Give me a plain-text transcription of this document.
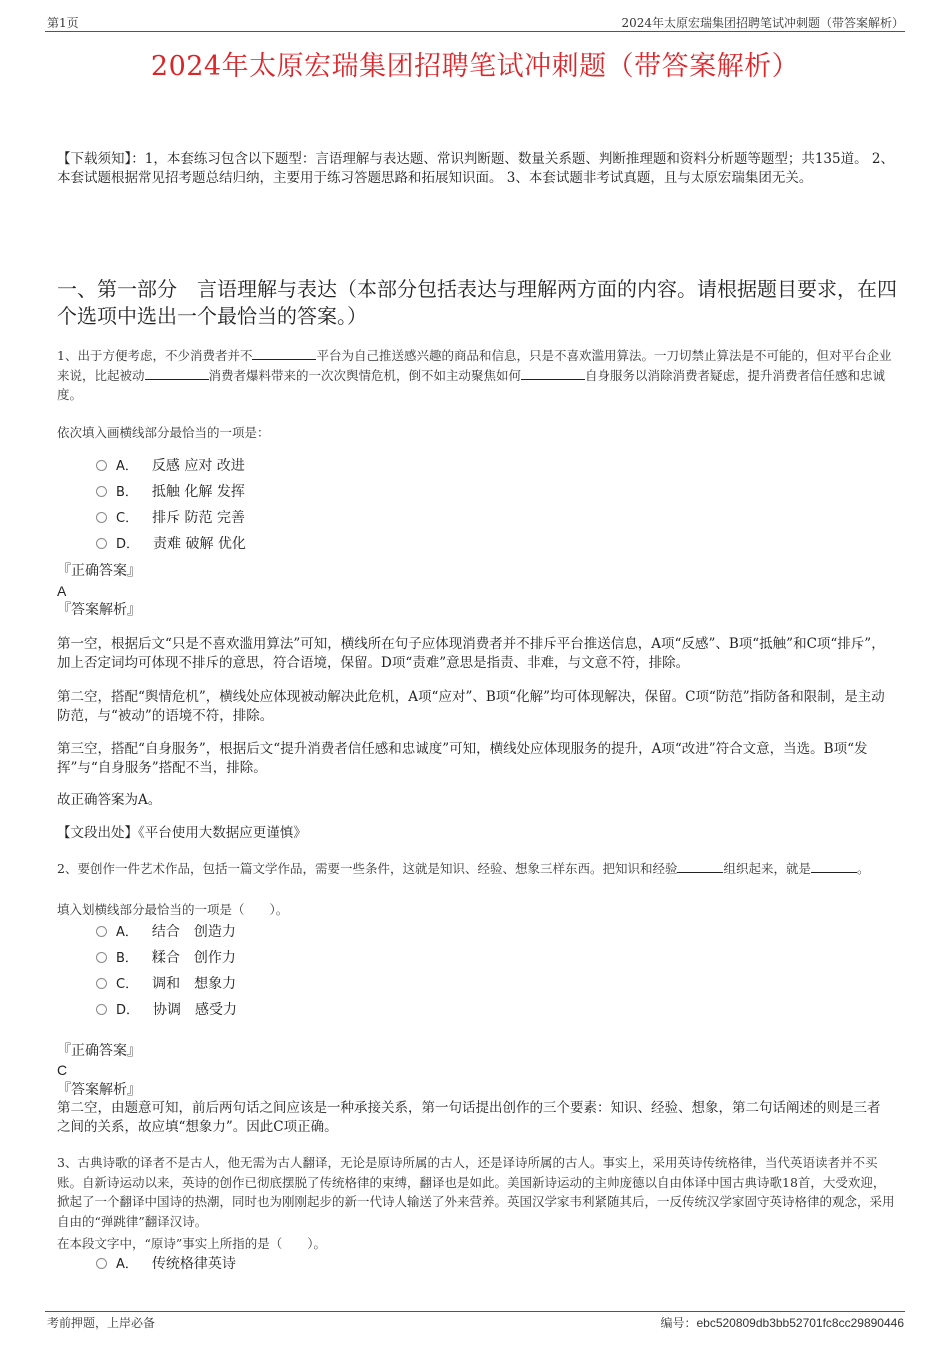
第1页	2024年太原宏瑞集团招聘笔试冲刺题（带答案解析）
2024年太原宏瑞集团招聘笔试冲刺题（带答案解析）
【下载须知】：1，本套练习包含以下题型：言语理解与表达题、常识判断题、数量关系题、判断推理题和资料分析题等题型；共135道。 2、本套试题根据常见招考题总结归纳，主要用于练习答题思路和拓展知识面。 3、本套试题非考试真题，且与太原宏瑞集团无关。
一、第一部分　言语理解与表达（本部分包括表达与理解两方面的内容。请根据题目要求，在四个选项中选出一个最恰当的答案。）
1、出于方便考虑，不少消费者并不	平台为自己推送感兴趣的商品和信息，只是不喜欢滥用算法。一刀切禁止算法是不可能的，但对平台企业来说，比起被动	消费者爆料带来的一次次舆情危机，倒不如主动聚焦如何	自身服务以消除消费者疑虑，提升消费者信任感和忠诚度。
依次填入画横线部分最恰当的一项是：
A． 反感 应对 改进
B． 抵触 化解 发挥
C． 排斥 防范 完善
D． 责难 破解 优化
『正确答案』
A
『答案解析』
第一空，根据后文“只是不喜欢滥用算法”可知，横线所在句子应体现消费者并不排斥平台推送信息，A项“反感”、B项“抵触”和C项“排斥”，加上否定词均可体现不排斥的意思，符合语境，保留。D项“责难”意思是指责、非难，与文意不符，排除。
第二空，搭配“舆情危机”，横线处应体现被动解决此危机，A项“应对”、B项“化解”均可体现解决，保留。C项“防范”指防备和限制，是主动防范，与“被动”的语境不符，排除。
第三空，搭配“自身服务”，根据后文“提升消费者信任感和忠诚度”可知，横线处应体现服务的提升，A项“改进”符合文意，当选。B项“发挥”与“自身服务”搭配不当，排除。
故正确答案为A。
【文段出处】《平台使用大数据应更谨慎》
2、要创作一件艺术作品，包括一篇文学作品，需要一些条件，这就是知识、经验、想象三样东西。把知识和经验	组织起来，就是	。
填入划横线部分最恰当的一项是（　　）。
A． 结合　创造力
B． 糅合　创作力
C． 调和　想象力
D． 协调　感受力
『正确答案』
C
『答案解析』
第二空，由题意可知，前后两句话之间应该是一种承接关系，第一句话提出创作的三个要素：知识、经验、想象，第二句话阐述的则是三者之间的关系，故应填“想象力”。因此C项正确。
3、古典诗歌的译者不是古人，他无需为古人翻译，无论是原诗所属的古人，还是译诗所属的古人。事实上，采用英诗传统格律，当代英语读者并不买账。自新诗运动以来，英诗的创作已彻底摆脱了传统格律的束缚，翻译也是如此。美国新诗运动的主帅庞德以自由体译中国古典诗歌18首，大受欢迎，掀起了一个翻译中国诗的热潮，同时也为刚刚起步的新一代诗人输送了外来营养。英国汉学家韦利紧随其后，一反传统汉学家固守英诗格律的观念，采用自由的“弹跳律”翻译汉诗。
在本段文字中，“原诗”事实上所指的是（　　）。
A． 传统格律英诗
考前押题，上岸必备	编号：ebc520809db3bb52701fc8cc29890446
